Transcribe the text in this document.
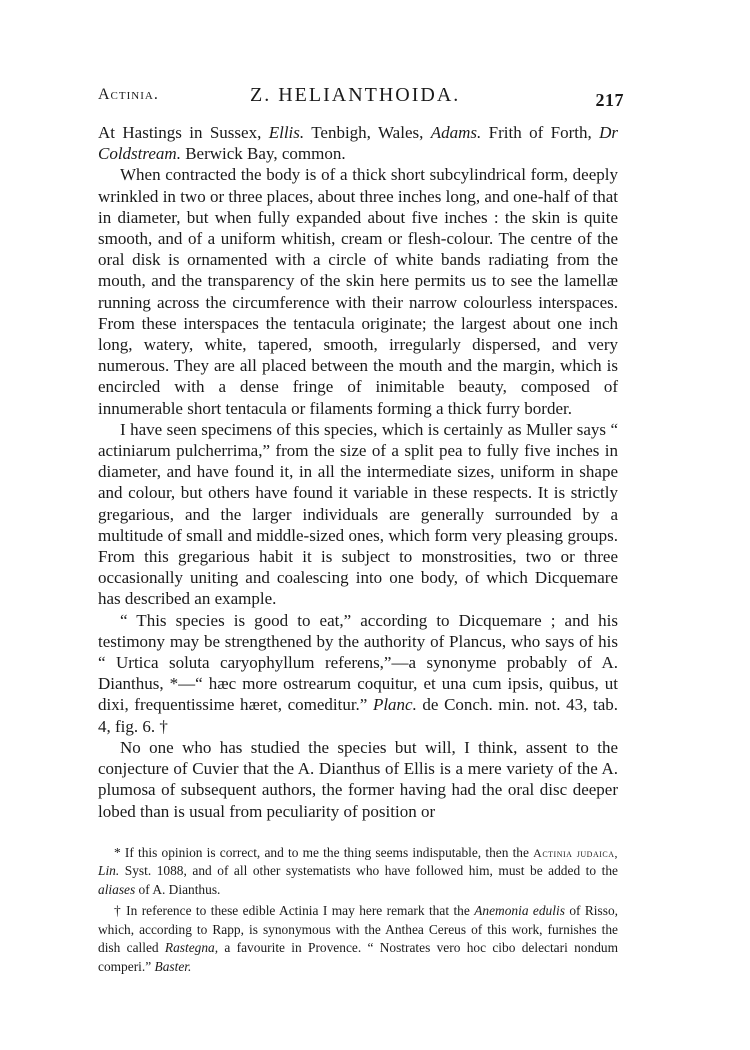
Actinia.	Z. HELIANTHOIDA.	217

At Hastings in Sussex, Ellis. Tenbigh, Wales, Adams. Frith of Forth, Dr Coldstream. Berwick Bay, common.

When contracted the body is of a thick short subcylindrical form, deeply wrinkled in two or three places, about three inches long, and one-half of that in diameter, but when fully expanded about five inches : the skin is quite smooth, and of a uniform whitish, cream or flesh-colour. The centre of the oral disk is ornamented with a circle of white bands radiating from the mouth, and the transparency of the skin here permits us to see the lamellæ running across the circumference with their narrow colourless interspaces. From these interspaces the tentacula originate; the largest about one inch long, watery, white, tapered, smooth, irregularly dispersed, and very numerous. They are all placed between the mouth and the margin, which is encircled with a dense fringe of inimitable beauty, composed of innumerable short tentacula or filaments forming a thick furry border.

I have seen specimens of this species, which is certainly as Muller says “ actiniarum pulcherrima,” from the size of a split pea to fully five inches in diameter, and have found it, in all the intermediate sizes, uniform in shape and colour, but others have found it variable in these respects. It is strictly gregarious, and the larger individuals are generally surrounded by a multitude of small and middle-sized ones, which form very pleasing groups. From this gregarious habit it is subject to monstrosities, two or three occasionally uniting and coalescing into one body, of which Dicquemare has described an example.

“ This species is good to eat,” according to Dicquemare ; and his testimony may be strengthened by the authority of Plancus, who says of his “ Urtica soluta caryophyllum referens,”—a synonyme probably of A. Dianthus, *—“ hæc more ostrearum coquitur, et una cum ipsis, quibus, ut dixi, frequentissime hæret, comeditur.” Planc. de Conch. min. not. 43, tab. 4, fig. 6. †

No one who has studied the species but will, I think, assent to the conjecture of Cuvier that the A. Dianthus of Ellis is a mere variety of the A. plumosa of subsequent authors, the former having had the oral disc deeper lobed than is usual from peculiarity of position or

* If this opinion is correct, and to me the thing seems indisputable, then the Actinia judaica, Lin. Syst. 1088, and of all other systematists who have followed him, must be added to the aliases of A. Dianthus.

† In reference to these edible Actinia I may here remark that the Anemonia edulis of Risso, which, according to Rapp, is synonymous with the Anthea Cereus of this work, furnishes the dish called Rastegna, a favourite in Provence. “ Nostrates vero hoc cibo delectari nondum comperi.” Baster.
